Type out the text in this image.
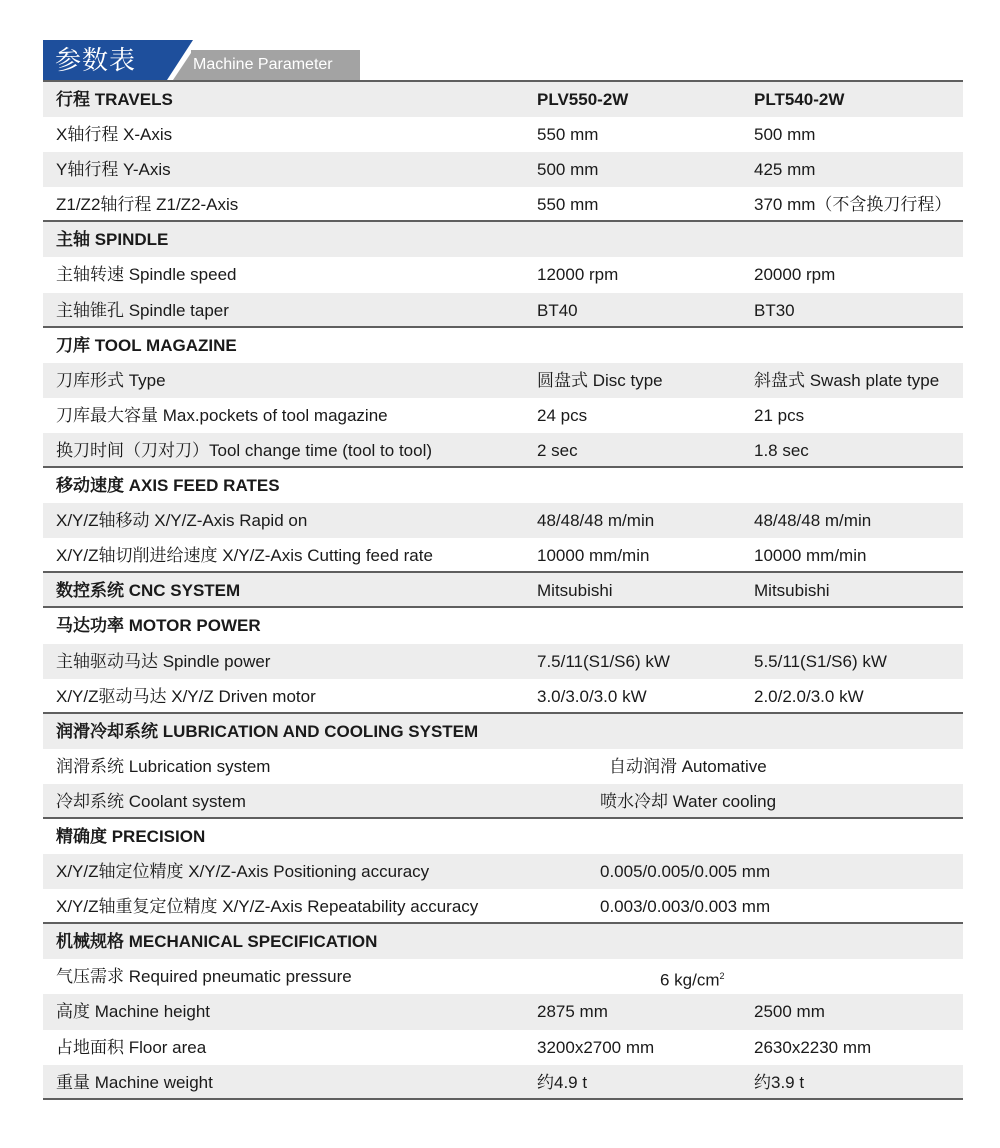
参数表	Machine Parameter
行程 TRAVELS	PLV550-2W	PLT540-2W
X轴行程 X-Axis	550 mm	500 mm
Y轴行程 Y-Axis	500 mm	425 mm
Z1/Z2轴行程 Z1/Z2-Axis	550 mm	370 mm（不含换刀行程）
主轴 SPINDLE
主轴转速 Spindle speed	12000 rpm	20000 rpm
主轴锥孔 Spindle taper	BT40	BT30
刀库 TOOL MAGAZINE
刀库形式 Type	圆盘式 Disc type	斜盘式 Swash plate type
刀库最大容量 Max.pockets of tool magazine	24 pcs	21 pcs
换刀时间（刀对刀）Tool change time (tool to tool)	2 sec	1.8 sec
移动速度 AXIS FEED RATES
X/Y/Z轴移动 X/Y/Z-Axis Rapid on	48/48/48 m/min	48/48/48 m/min
X/Y/Z轴切削进给速度 X/Y/Z-Axis Cutting feed rate	10000 mm/min	10000 mm/min
数控系统 CNC SYSTEM	Mitsubishi	Mitsubishi
马达功率 MOTOR POWER
主轴驱动马达 Spindle power	7.5/11(S1/S6) kW	5.5/11(S1/S6) kW
X/Y/Z驱动马达 X/Y/Z Driven motor	3.0/3.0/3.0 kW	2.0/2.0/3.0 kW
润滑冷却系统 LUBRICATION AND COOLING SYSTEM
润滑系统 Lubrication system	自动润滑 Automative
冷却系统 Coolant system	喷水冷却 Water cooling
精确度 PRECISION
X/Y/Z轴定位精度 X/Y/Z-Axis Positioning accuracy	0.005/0.005/0.005 mm
X/Y/Z轴重复定位精度 X/Y/Z-Axis Repeatability accuracy	0.003/0.003/0.003 mm
机械规格 MECHANICAL SPECIFICATION
气压需求 Required pneumatic pressure	6 $kg/cm^2$
高度 Machine height	2875 mm	2500 mm
占地面积 Floor area	3200x2700 mm	2630x2230 mm
重量 Machine weight	约4.9 t	约3.9 t
